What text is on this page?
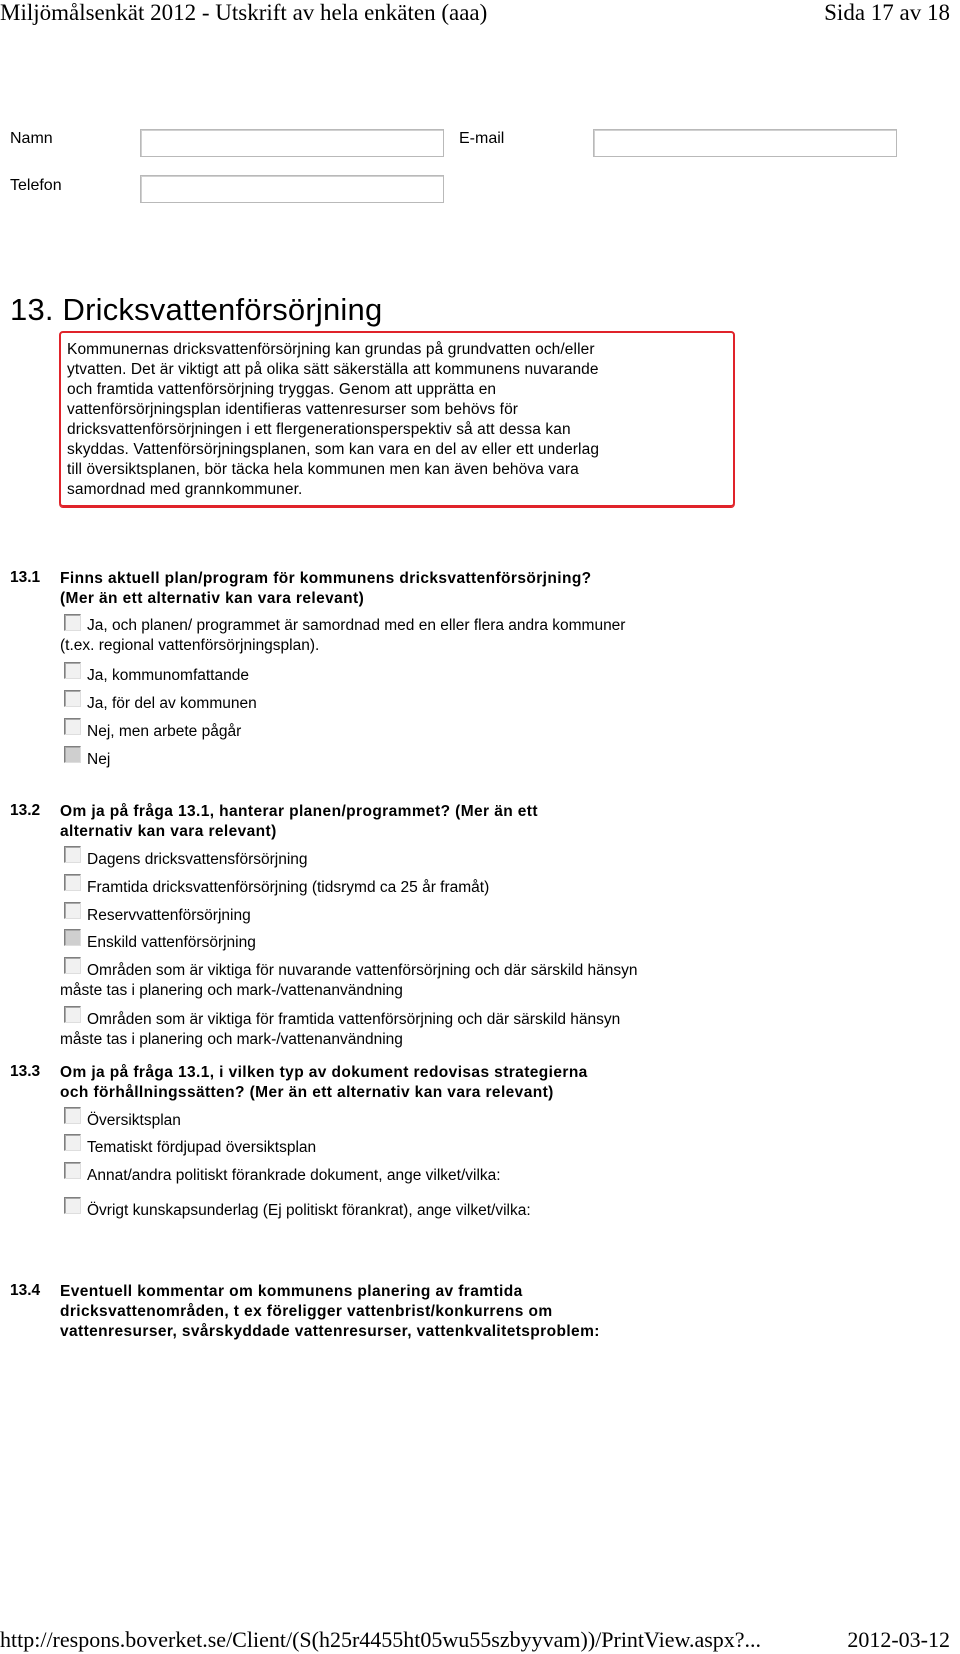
Miljömålsenkät 2012 - Utskrift av hela enkäten (aaa)	Sida 17 av 18
Namn	E-mail
Telefon
13. Dricksvattenförsörjning
Kommunernas dricksvattenförsörjning kan grundas på grundvatten och/eller
ytvatten. Det är viktigt att på olika sätt säkerställa att kommunens nuvarande
och framtida vattenförsörjning tryggas. Genom att upprätta en
vattenförsörjningsplan identifieras vattenresurser som behövs för
dricksvattenförsörjningen i ett flergenerationsperspektiv så att dessa kan
skyddas. Vattenförsörjningsplanen, som kan vara en del av eller ett underlag
till översiktsplanen, bör täcka hela kommunen men kan även behöva vara
samordnad med grannkommuner.
13.1 Finns aktuell plan/program för kommunens dricksvattenförsörjning?
(Mer än ett alternativ kan vara relevant)
Ja, och planen/ programmet är samordnad med en eller flera andra kommuner
(t.ex. regional vattenförsörjningsplan).
Ja, kommunomfattande
Ja, för del av kommunen
Nej, men arbete pågår
Nej
13.2 Om ja på fråga 13.1, hanterar planen/programmet? (Mer än ett
alternativ kan vara relevant)
Dagens dricksvattensförsörjning
Framtida dricksvattenförsörjning (tidsrymd ca 25 år framåt)
Reservvattenförsörjning
Enskild vattenförsörjning
Områden som är viktiga för nuvarande vattenförsörjning och där särskild hänsyn
måste tas i planering och mark-/vattenanvändning
Områden som är viktiga för framtida vattenförsörjning och där särskild hänsyn
måste tas i planering och mark-/vattenanvändning
13.3 Om ja på fråga 13.1, i vilken typ av dokument redovisas strategierna
och förhållningssätten? (Mer än ett alternativ kan vara relevant)
Översiktsplan
Tematiskt fördjupad översiktsplan
Annat/andra politiskt förankrade dokument, ange vilket/vilka:
Övrigt kunskapsunderlag (Ej politiskt förankrat), ange vilket/vilka:
13.4 Eventuell kommentar om kommunens planering av framtida
dricksvattenområden, t ex föreligger vattenbrist/konkurrens om
vattenresurser, svårskyddade vattenresurser, vattenkvalitetsproblem:
http://respons.boverket.se/Client/(S(h25r4455ht05wu55szbyyvam))/PrintView.aspx?...	2012-03-12
